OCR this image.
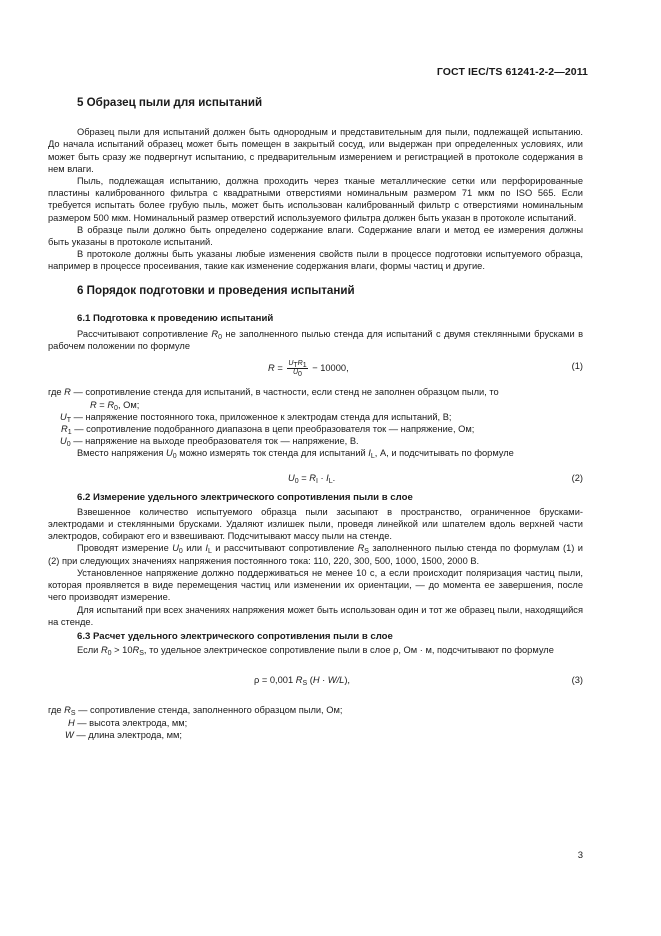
ГОСТ IEC/TS 61241-2-2—2011
5 Образец пыли для испытаний

Образец пыли для испытаний должен быть однородным и представительным для пыли, подлежащей испытанию. До начала испытаний образец может быть помещен в закрытый сосуд, или выдержан при определенных условиях, или может быть сразу же подвергнут испытанию, с предварительным измерением и регистрацией в протоколе содержания в нем влаги.

Пыль, подлежащая испытанию, должна проходить через тканые металлические сетки или перфорированные пластины калиброванного фильтра с квадратными отверстиями номинальным размером 71 мкм по ISO 565. Если требуется испытать более грубую пыль, может быть использован калиброванный фильтр с отверстиями номинальным размером 500 мкм. Номинальный размер отверстий используемого фильтра должен быть указан в протоколе испытаний.

В образце пыли должно быть определено содержание влаги. Содержание влаги и метод ее измерения должны быть указаны в протоколе испытаний.

В протоколе должны быть указаны любые изменения свойств пыли в процессе подготовки испытуемого образца, например в процессе просеивания, такие как изменение содержания влаги, формы частиц и другие.

6 Порядок подготовки и проведения испытаний
6.1 Подготовка к проведению испытаний

Рассчитывают сопротивление $R_0$ не заполненного пылью стенда для испытаний с двумя стеклянными брусками в рабочем положении по формуле

$R = \frac{U_TR_1}{U_0} - 10000$,	(1)

где R — сопротивление стенда для испытаний, в частности, если стенд не заполнен образцом пыли, то

$R = R_0$, Ом;

$U_T$ — напряжение постоянного тока, приложенное к электродам стенда для испытаний, В;

$R_1$ — сопротивление подобранного диапазона в цепи преобразователя ток — напряжение, Ом;

$U_0$ — напряжение на выходе преобразователя ток — напряжение, В.

Вместо напряжения $U_0$ можно измерять ток стенда для испытаний $I_L$, А, и подсчитывать по формуле

$U_0 = R_I \cdot I_L$.	(2)
6.2 Измерение удельного электрического сопротивления пыли в слое

Взвешенное количество испытуемого образца пыли засыпают в пространство, ограниченное брусками-электродами и стеклянными брусками. Удаляют излишек пыли, проведя линейкой или шпателем вдоль верхней части электродов, собирают его и взвешивают. Подсчитывают массу пыли на стенде.

Проводят измерение $U_0$ или $I_L$ и рассчитывают сопротивление $R_S$ заполненного пылью стенда по формулам (1) и (2) при следующих значениях напряжения постоянного тока: 110, 220, 300, 500, 1000, 1500, 2000 В.

Установленное напряжение должно поддерживаться не менее 10 с, а если происходит поляризация частиц пыли, которая проявляется в виде перемещения частиц или изменении их ориентации, — до момента ее завершения, после чего производят измерение.

Для испытаний при всех значениях напряжения может быть использован один и тот же образец пыли, находящийся на стенде.

6.3 Расчет удельного электрического сопротивления пыли в слое

Если $R_0 > 10R_S$, то удельное электрическое сопротивление пыли в слое ρ, Ом · м, подсчитывают по формуле

ρ = 0,001 $R_S$ (H · W/L),	(3)

где $R_S$ — сопротивление стенда, заполненного образцом пыли, Ом;

H — высота электрода, мм;

W — длина электрода, мм;

3
